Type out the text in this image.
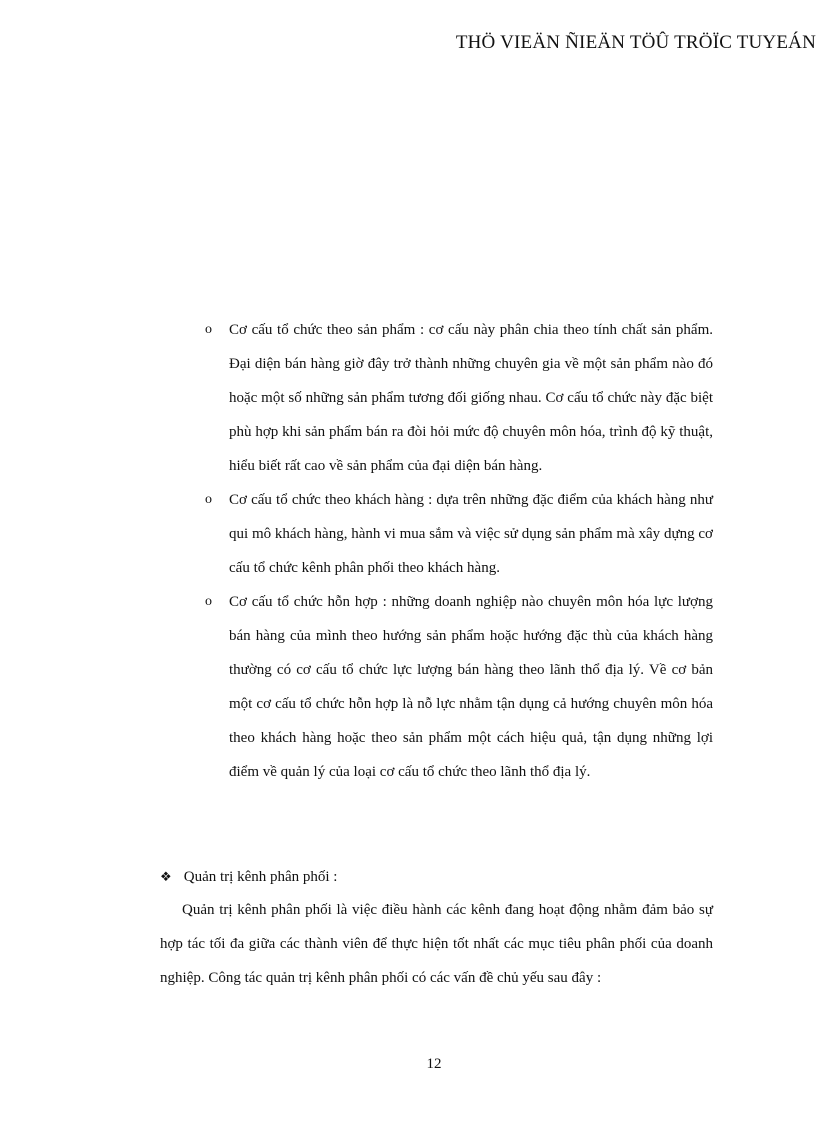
THÖ VIEÄN ÑIEÄN TÖÛ TRÖÏC TUYEÁN
o Cơ cấu tổ chức theo sản phẩm : cơ cấu này phân chia theo tính chất sản phẩm. Đại diện bán hàng giờ đây trở thành những chuyên gia về một sản phẩm nào đó hoặc một số những sản phẩm tương đối giống nhau. Cơ cấu tổ chức này đặc biệt phù hợp khi sản phẩm bán ra đòi hỏi mức độ chuyên môn hóa, trình độ kỹ thuật, hiểu biết rất cao về sản phẩm của đại diện bán hàng.
o Cơ cấu tổ chức theo khách hàng : dựa trên những đặc điểm của khách hàng như qui mô khách hàng, hành vi mua sắm và việc sử dụng sản phẩm mà xây dựng cơ cấu tổ chức kênh phân phối theo khách hàng.
o Cơ cấu tổ chức hỗn hợp : những doanh nghiệp nào chuyên môn hóa lực lượng bán hàng của mình theo hướng sản phẩm hoặc hướng đặc thù của khách hàng thường có cơ cấu tổ chức lực lượng bán hàng theo lãnh thổ địa lý. Về cơ bản một cơ cấu tổ chức hỗn hợp là nỗ lực nhằm tận dụng cả hướng chuyên môn hóa theo khách hàng hoặc theo sản phẩm một cách hiệu quả, tận dụng những lợi điểm về quản lý của loại cơ cấu tổ chức theo lãnh thổ địa lý.
❖ Quản trị kênh phân phối :

Quản trị kênh phân phối là việc điều hành các kênh đang hoạt động nhằm đảm bảo sự hợp tác tối đa giữa các thành viên để thực hiện tốt nhất các mục tiêu phân phối của doanh nghiệp. Công tác quản trị kênh phân phối có các vấn đề chủ yếu sau đây :

12
